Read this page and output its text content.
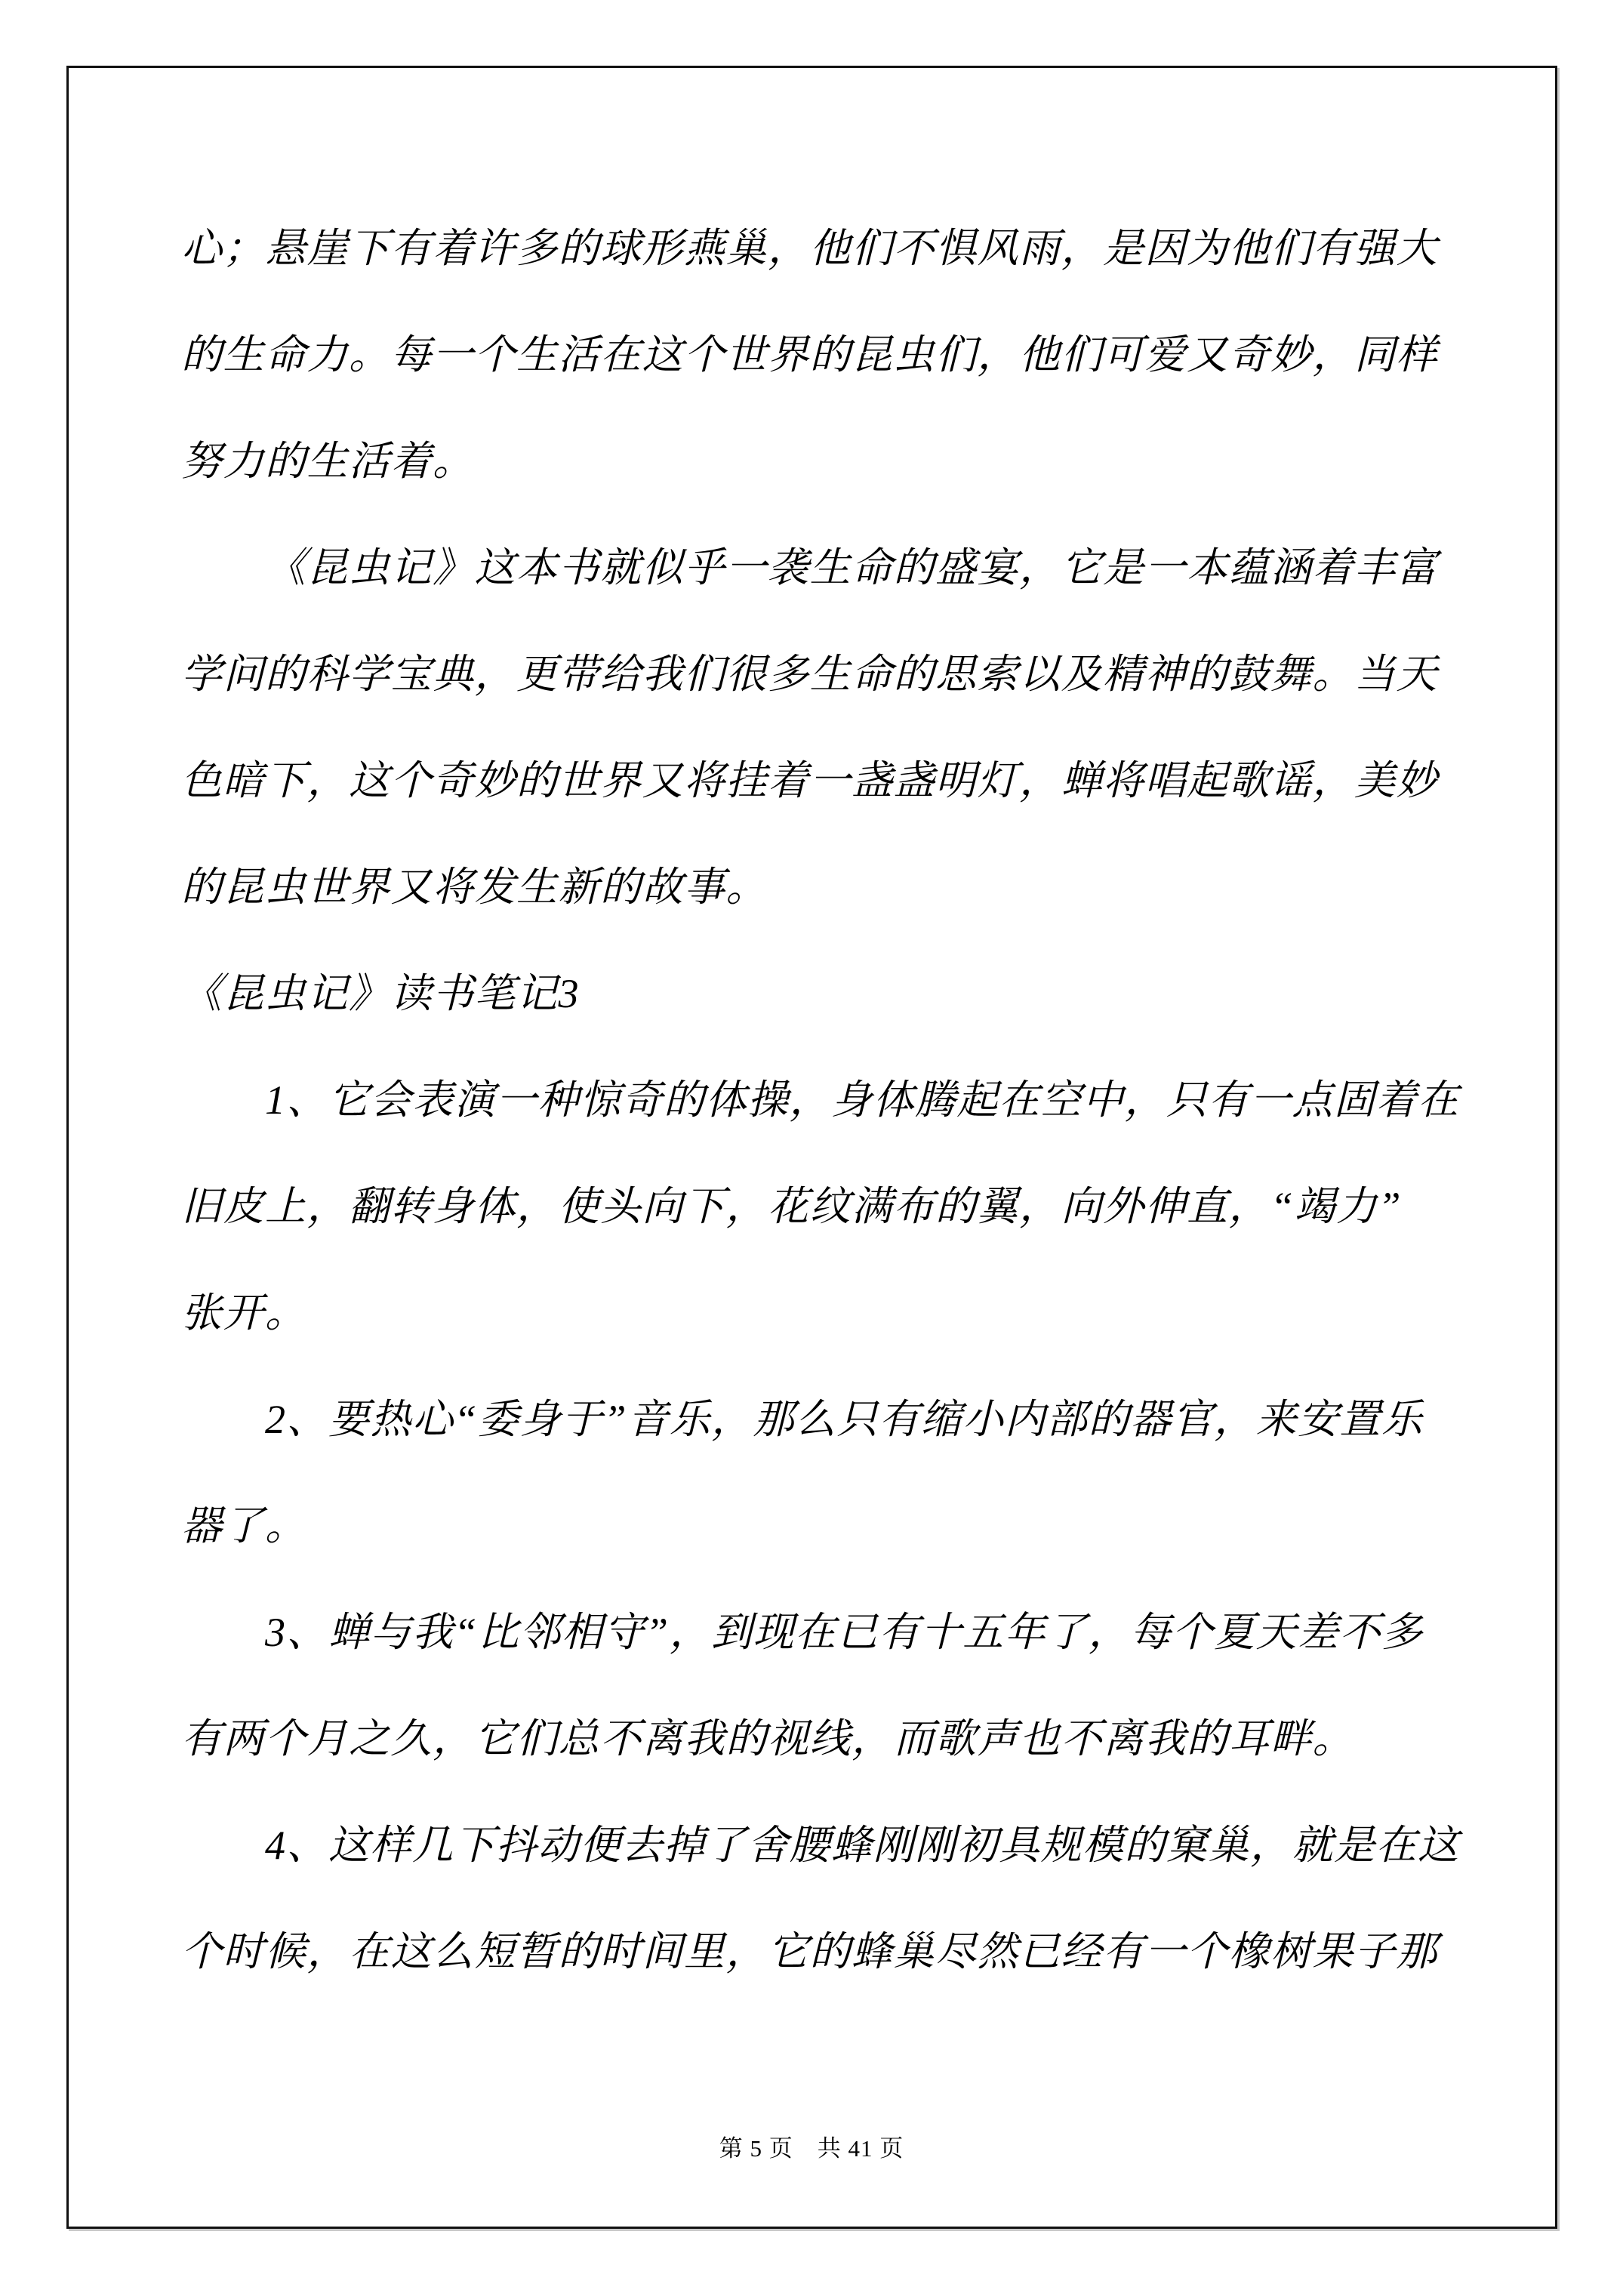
心；悬崖下有着许多的球形燕巢，他们不惧风雨，是因为他们有强大
的生命力。每一个生活在这个世界的昆虫们，他们可爱又奇妙，同样
努力的生活着。
《昆虫记》这本书就似乎一袭生命的盛宴，它是一本蕴涵着丰富
学问的科学宝典，更带给我们很多生命的思索以及精神的鼓舞。当天
色暗下，这个奇妙的世界又将挂着一盏盏明灯，蝉将唱起歌谣，美妙
的昆虫世界又将发生新的故事。
《昆虫记》读书笔记3
1、它会表演一种惊奇的体操，身体腾起在空中，只有一点固着在
旧皮上，翻转身体，使头向下，花纹满布的翼，向外伸直，“竭力”
张开。
2、要热心“委身于”音乐，那么只有缩小内部的器官，来安置乐
器了。
3、蝉与我“比邻相守”，到现在已有十五年了，每个夏天差不多
有两个月之久，它们总不离我的视线，而歌声也不离我的耳畔。
4、这样几下抖动便去掉了舍腰蜂刚刚初具规模的窠巢，就是在这
个时候，在这么短暂的时间里，它的蜂巢尽然已经有一个橡树果子那
第 5 页　共 41 页
